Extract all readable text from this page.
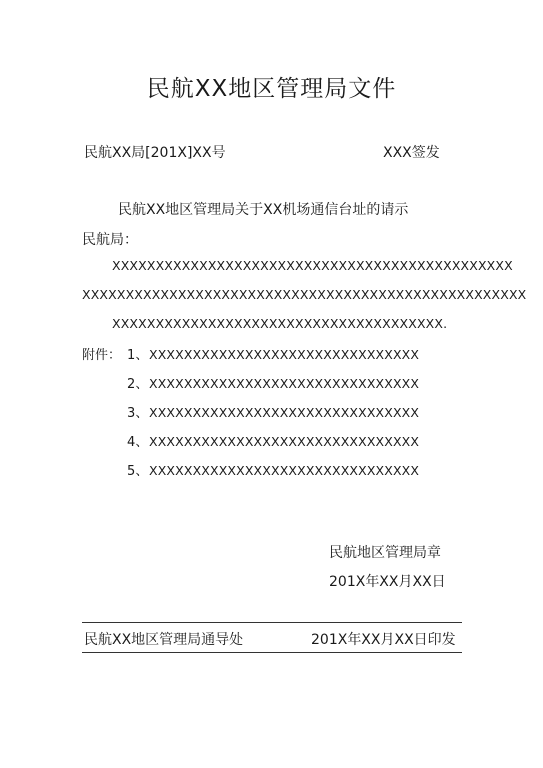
民航XX地区管理局文件
民航XX局[201X]XX号	XXX签发
民航XX地区管理局关于XX机场通信台址的请示
民航局：
XXXXXXXXXXXXXXXXXXXXXXXXXXXXXXXXXXXXXXXXXXXXXX
XXXXXXXXXXXXXXXXXXXXXXXXXXXXXXXXXXXXXXXXXXXXXXXXXXX
XXXXXXXXXXXXXXXXXXXXXXXXXXXXXXXXXXXXXX.
附件： 1、XXXXXXXXXXXXXXXXXXXXXXXXXXXXXXX
2、XXXXXXXXXXXXXXXXXXXXXXXXXXXXXXX
3、XXXXXXXXXXXXXXXXXXXXXXXXXXXXXXX
4、XXXXXXXXXXXXXXXXXXXXXXXXXXXXXXX
5、XXXXXXXXXXXXXXXXXXXXXXXXXXXXXXX
民航地区管理局章
201X年XX月XX日
民航XX地区管理局通导处	201X年XX月XX日印发
